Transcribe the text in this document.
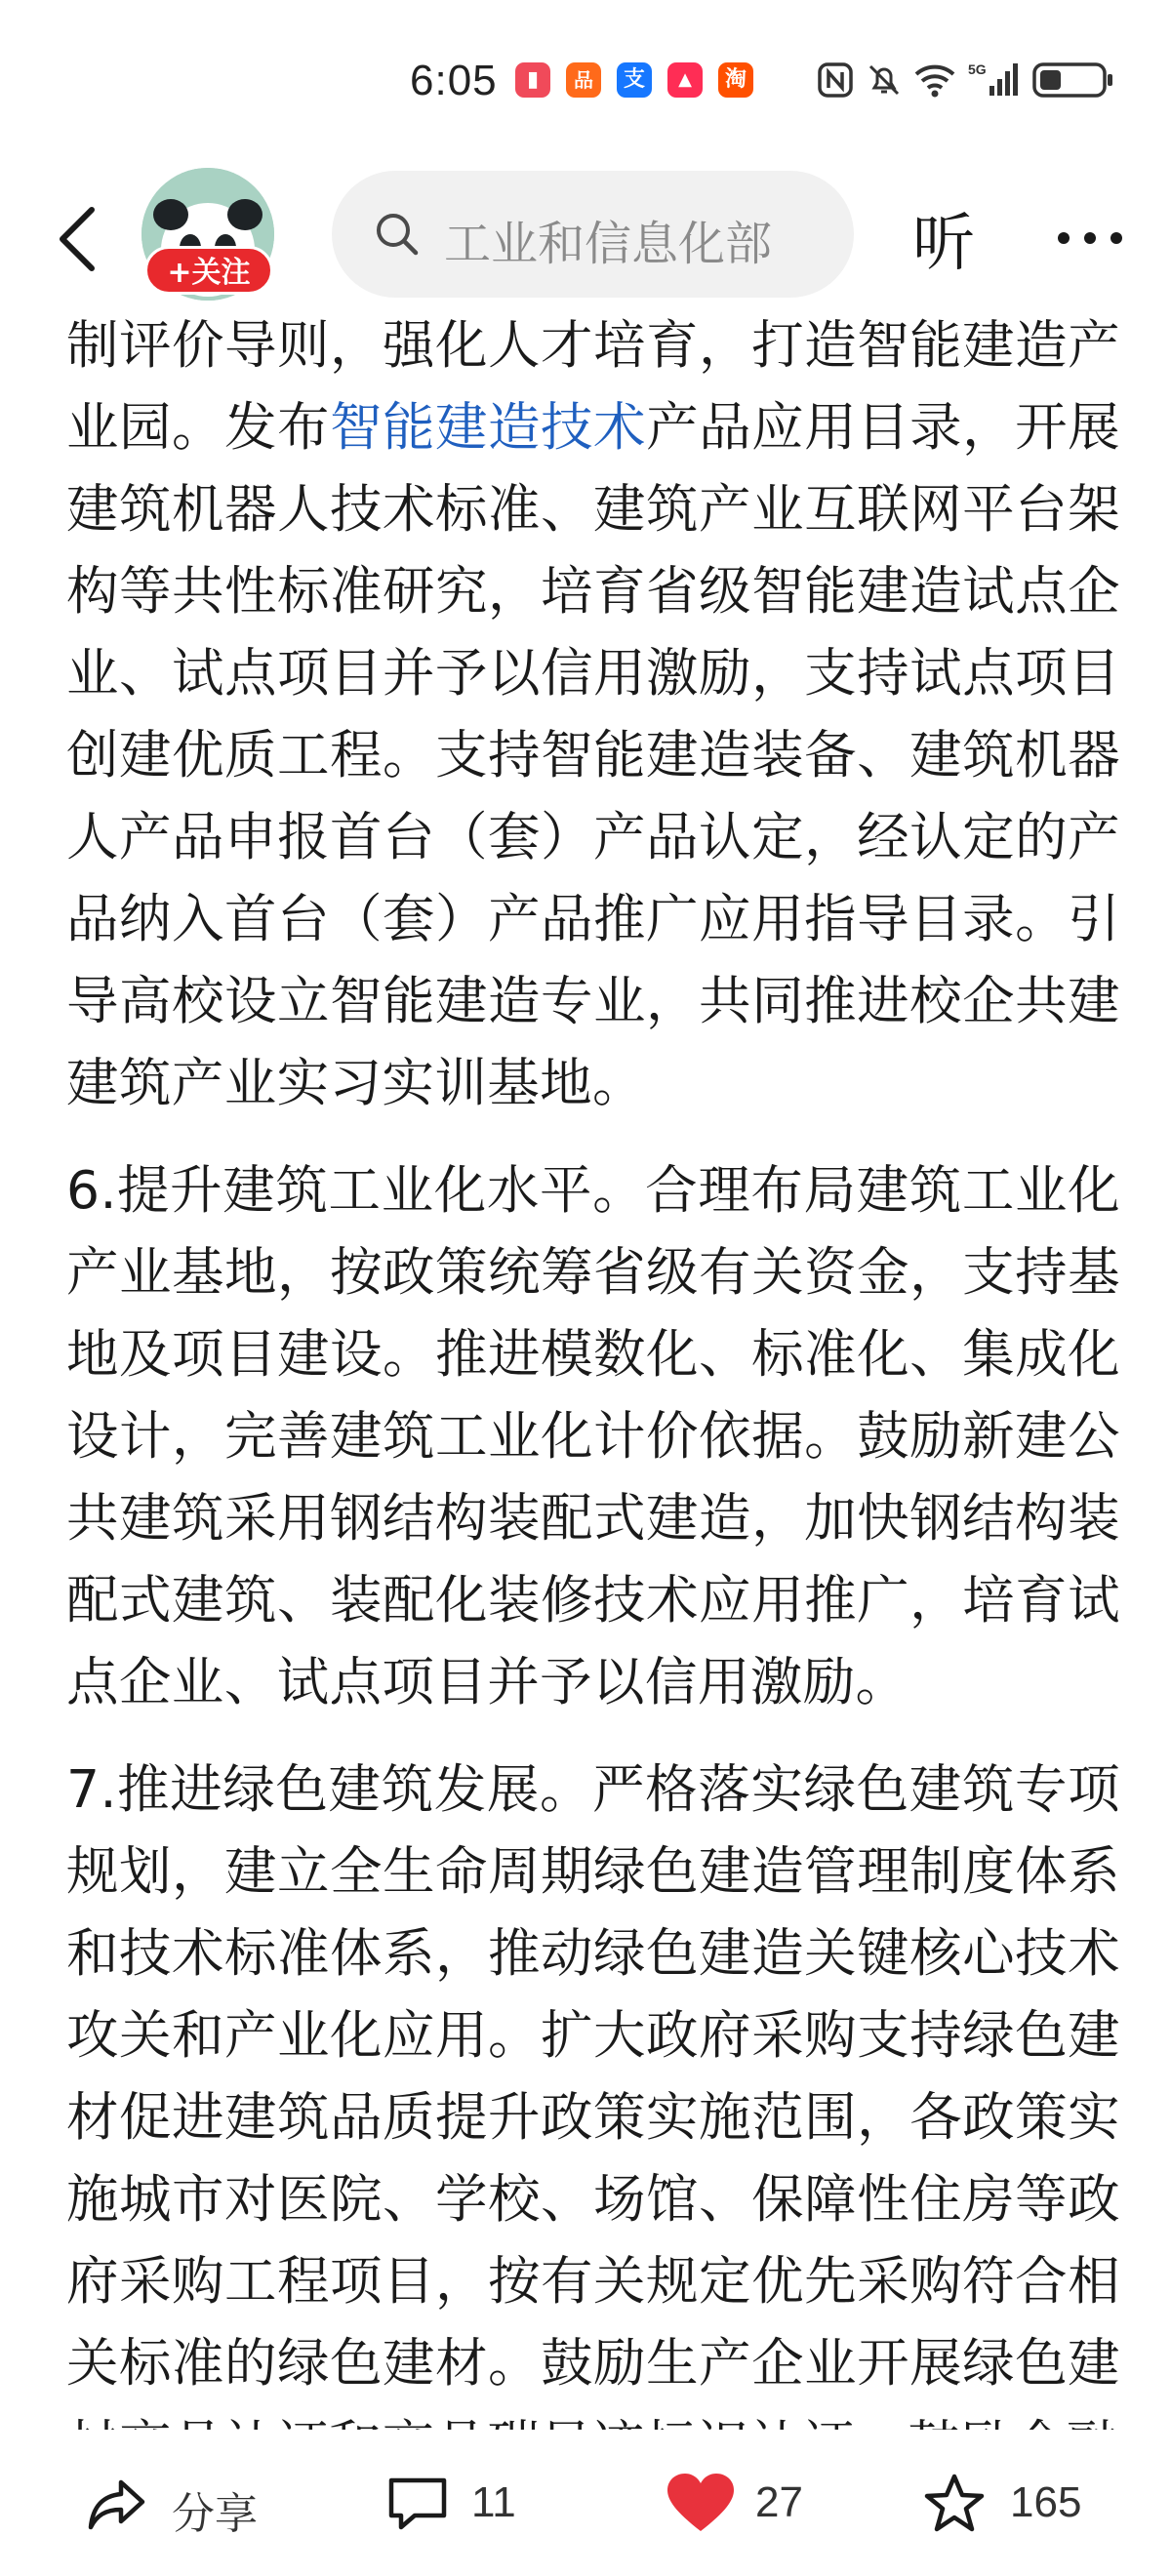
6:05	▮	品	支	▲	淘	5G
+关注
工业和信息化部 听

制评价导则，强化人才培育，打造智能建造产业园。发布智能建造技术产品应用目录，开展建筑机器人技术标准、建筑产业互联网平台架构等共性标准研究，培育省级智能建造试点企业、试点项目并予以信用激励，支持试点项目创建优质工程。支持智能建造装备、建筑机器人产品申报首台（套）产品认定，经认定的产品纳入首台（套）产品推广应用指导目录。引导高校设立智能建造专业，共同推进校企共建建筑产业实习实训基地。

6.提升建筑工业化水平。合理布局建筑工业化产业基地，按政策统筹省级有关资金，支持基地及项目建设。推进模数化、标准化、集成化设计，完善建筑工业化计价依据。鼓励新建公共建筑采用钢结构装配式建造，加快钢结构装配式建筑、装配化装修技术应用推广，培育试点企业、试点项目并予以信用激励。

7.推进绿色建筑发展。严格落实绿色建筑专项规划，建立全生命周期绿色建造管理制度体系和技术标准体系，推动绿色建造关键核心技术攻关和产业化应用。扩大政府采购支持绿色建材促进建筑品质提升政策实施范围，各政策实施城市对医院、学校、场馆、保障性住房等政府采购工程项目，按有关规定优先采购符合相关标准的绿色建材。鼓励生产企业开展绿色建

分享	11	27	165
